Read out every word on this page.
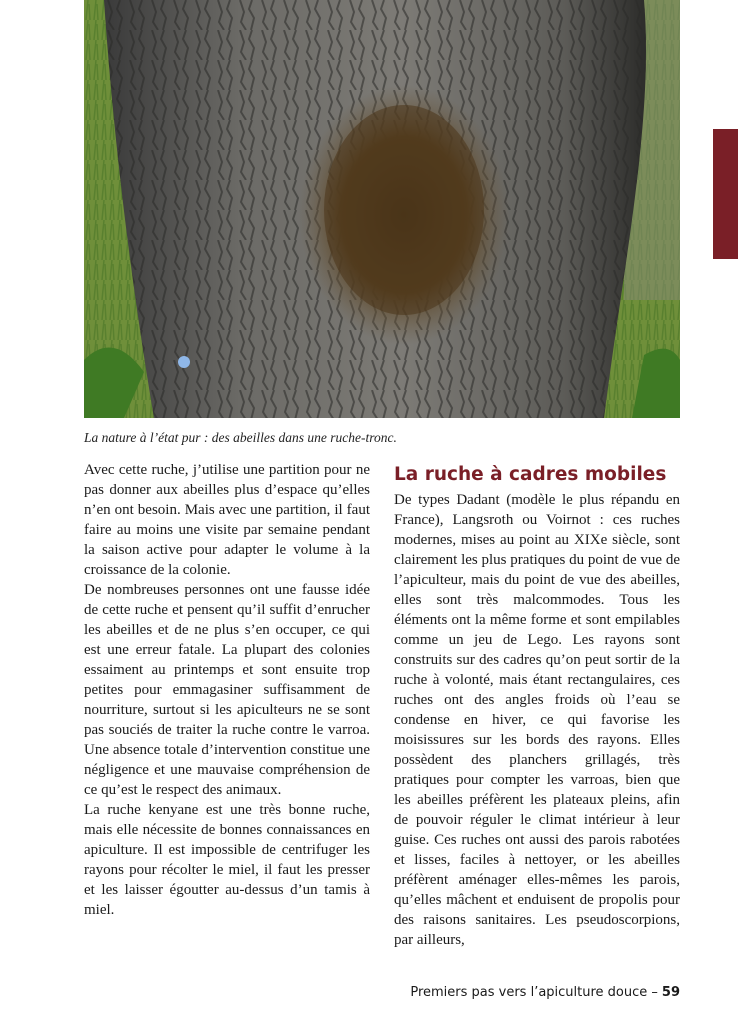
La nature à l’état pur : des abeilles dans une ruche-tronc.

Avec cette ruche, j’utilise une partition pour ne pas donner aux abeilles plus d’espace qu’elles n’en ont besoin. Mais avec une partition, il faut faire au moins une visite par semaine pendant la saison active pour adapter le volume à la croissance de la colonie.

De nombreuses personnes ont une fausse idée de cette ruche et pensent qu’il suffit d’enrucher les abeilles et de ne plus s’en occuper, ce qui est une erreur fatale. La plupart des colonies essaiment au printemps et sont ensuite trop petites pour emmagasiner suffisamment de nourriture, surtout si les apiculteurs ne se sont pas souciés de traiter la ruche contre le varroa. Une absence totale d’intervention constitue une négligence et une mauvaise compréhension de ce qu’est le respect des animaux.

La ruche kenyane est une très bonne ruche, mais elle nécessite de bonnes connaissances en apiculture. Il est impossible de centrifuger les rayons pour récolter le miel, il faut les presser et les laisser égoutter au-dessus d’un tamis à miel.

La ruche à cadres mobiles

De types Dadant (modèle le plus répandu en France), Langsroth ou Voirnot : ces ruches modernes, mises au point au XIXe siècle, sont clairement les plus pratiques du point de vue de l’apiculteur, mais du point de vue des abeilles, elles sont très malcommodes. Tous les éléments ont la même forme et sont empilables comme un jeu de Lego. Les rayons sont construits sur des cadres qu’on peut sortir de la ruche à volonté, mais étant rectangulaires, ces ruches ont des angles froids où l’eau se condense en hiver, ce qui favorise les moisissures sur les bords des rayons. Elles possèdent des planchers grillagés, très pratiques pour compter les varroas, bien que les abeilles préfèrent les plateaux pleins, afin de pouvoir réguler le climat intérieur à leur guise. Ces ruches ont aussi des parois rabotées et lisses, faciles à nettoyer, or les abeilles préfèrent aménager elles-mêmes les parois, qu’elles mâchent et enduisent de propolis pour des raisons sanitaires. Les pseudoscorpions, par ailleurs,

Premiers pas vers l’apiculture douce – 59
